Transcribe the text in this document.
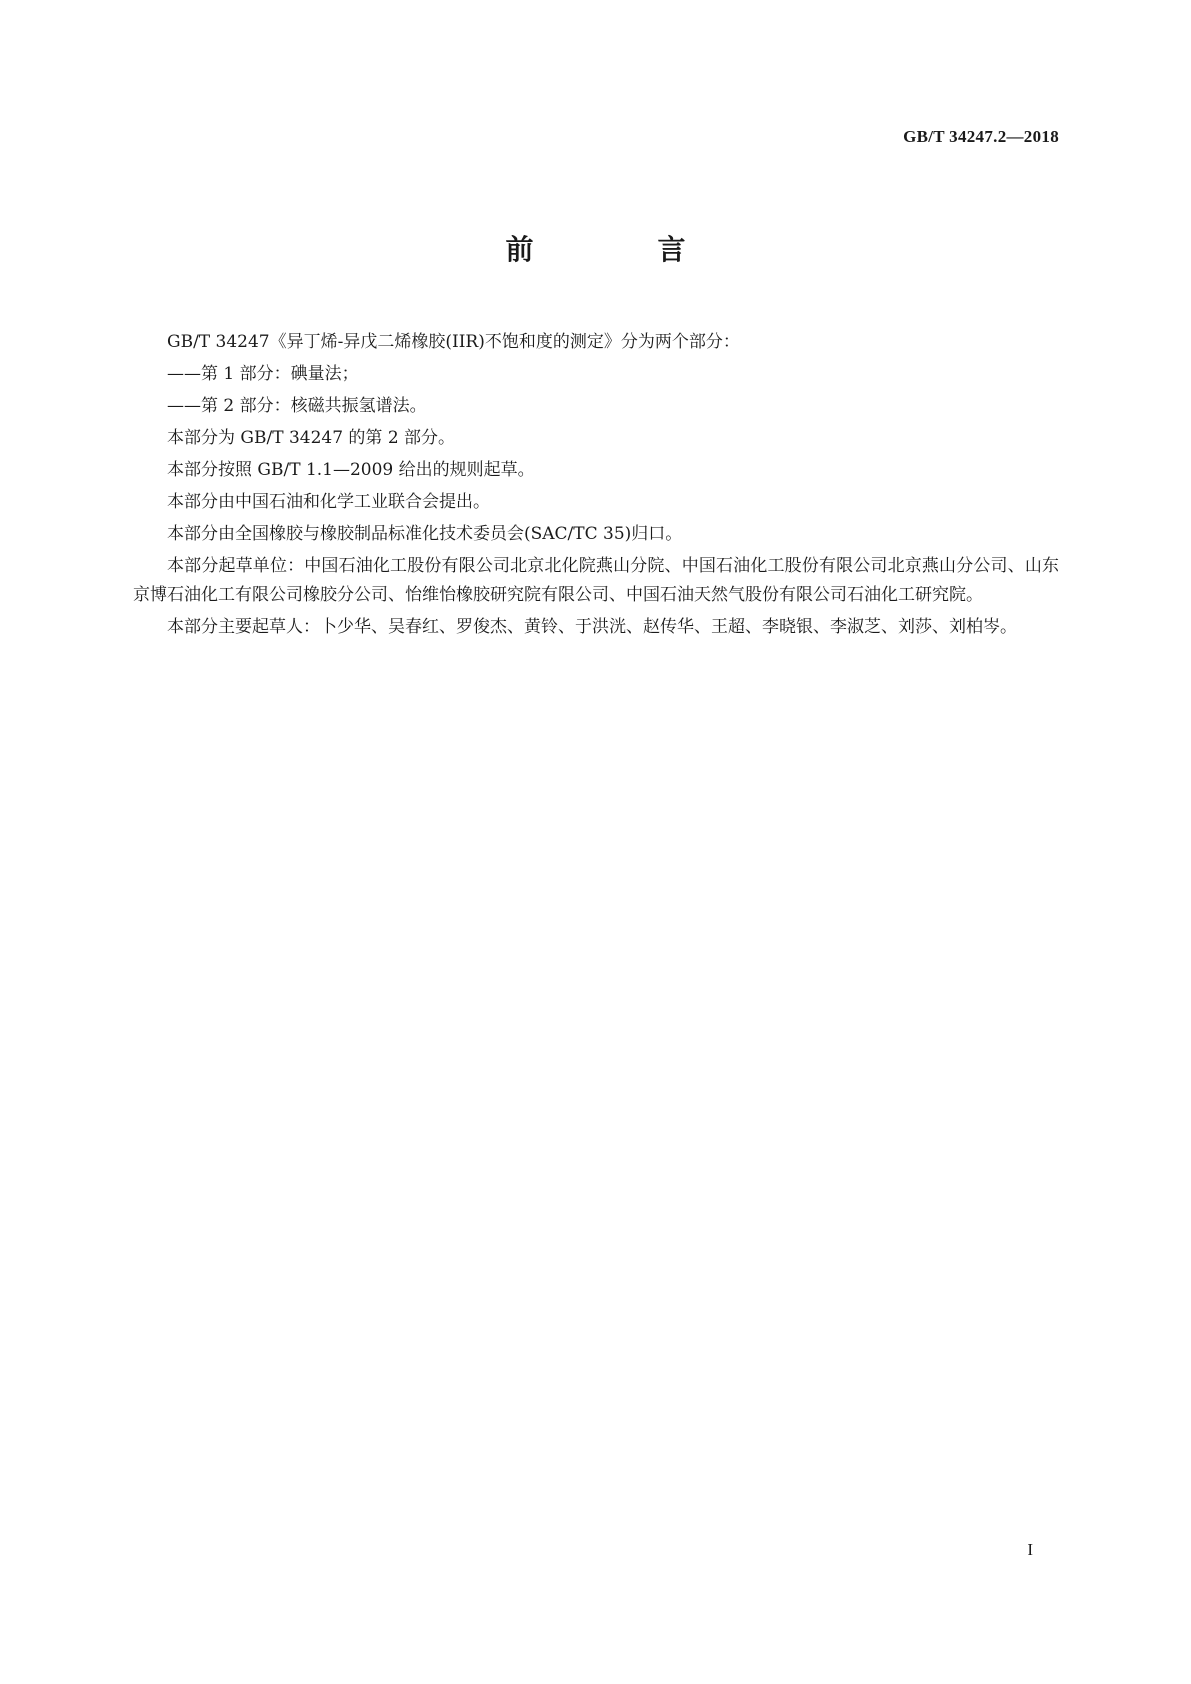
GB/T 34247.2—2018
前　言

GB/T 34247《异丁烯-异戊二烯橡胶(IIR)不饱和度的测定》分为两个部分：

——第 1 部分：碘量法；

——第 2 部分：核磁共振氢谱法。

本部分为 GB/T 34247 的第 2 部分。

本部分按照 GB/T 1.1—2009 给出的规则起草。

本部分由中国石油和化学工业联合会提出。

本部分由全国橡胶与橡胶制品标准化技术委员会(SAC/TC 35)归口。

本部分起草单位：中国石油化工股份有限公司北京北化院燕山分院、中国石油化工股份有限公司北京燕山分公司、山东京博石油化工有限公司橡胶分公司、怡维怡橡胶研究院有限公司、中国石油天然气股份有限公司石油化工研究院。

本部分主要起草人：卜少华、吴春红、罗俊杰、黄铃、于洪洸、赵传华、王超、李晓银、李淑芝、刘莎、刘柏岑。

I
